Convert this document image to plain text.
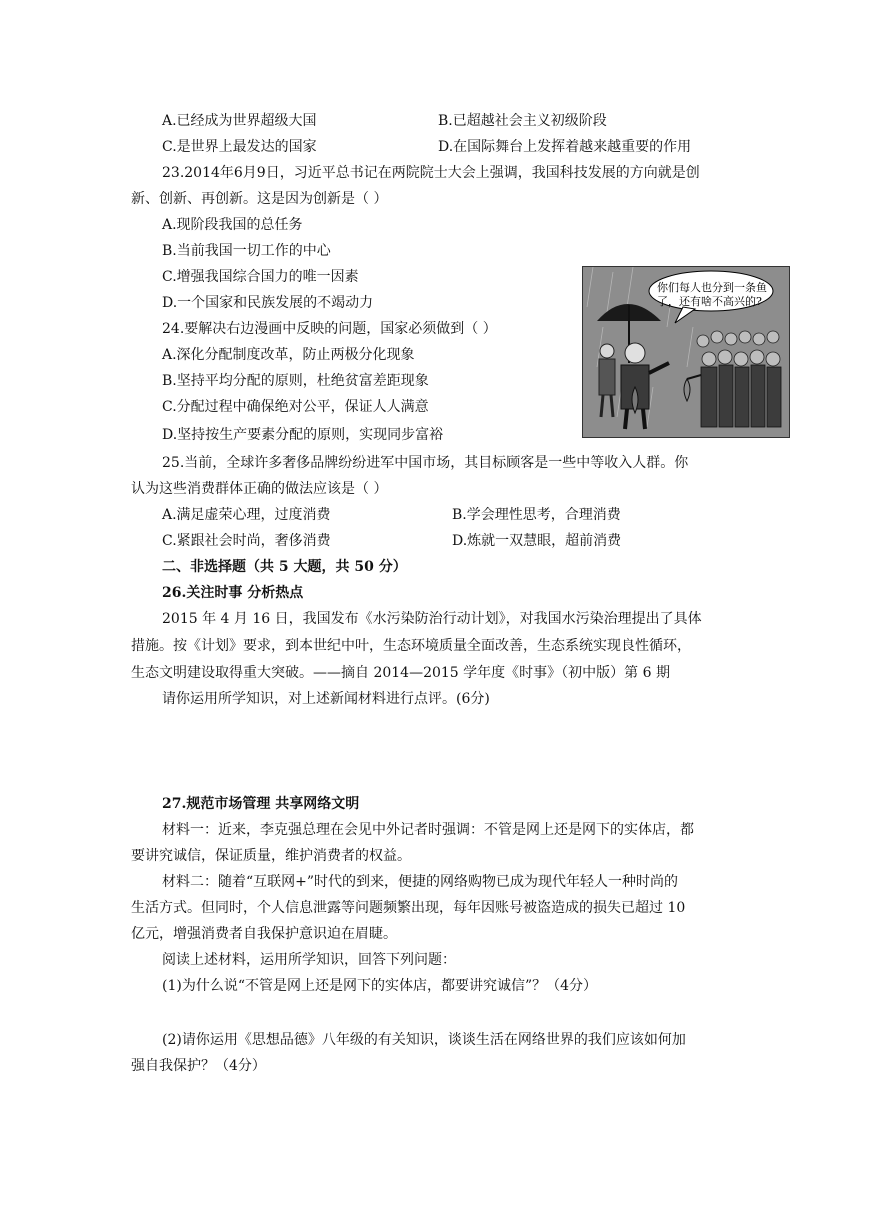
A.已经成为世界超级大国	B.已超越社会主义初级阶段
C.是世界上最发达的国家	D.在国际舞台上发挥着越来越重要的作用
23.2014年6月9日，习近平总书记在两院院士大会上强调，我国科技发展的方向就是创
新、创新、再创新。这是因为创新是（ ）
A.现阶段我国的总任务
B.当前我国一切工作的中心
C.增强我国综合国力的唯一因素
D.一个国家和民族发展的不竭动力
24.要解决右边漫画中反映的问题，国家必须做到（ ）
A.深化分配制度改革，防止两极分化现象
B.坚持平均分配的原则，杜绝贫富差距现象
C.分配过程中确保绝对公平，保证人人满意
D.坚持按生产要素分配的原则，实现同步富裕
你们每人也分到一条鱼了，还有啥不高兴的?
25.当前，全球许多奢侈品牌纷纷进军中国市场，其目标顾客是一些中等收入人群。你
认为这些消费群体正确的做法应该是（ ）
A.满足虚荣心理，过度消费	B.学会理性思考，合理消费
C.紧跟社会时尚，奢侈消费	D.炼就一双慧眼，超前消费
二、非选择题（共 5 大题，共 50 分）
26.关注时事 分析热点
2015 年 4 月 16 日，我国发布《水污染防治行动计划》，对我国水污染治理提出了具体
措施。按《计划》要求，到本世纪中叶，生态环境质量全面改善，生态系统实现良性循环，
生态文明建设取得重大突破。——摘自 2014—2015 学年度《时事》（初中版）第 6 期
请你运用所学知识，对上述新闻材料进行点评。(6分)
27.规范市场管理 共享网络文明
材料一：近来，李克强总理在会见中外记者时强调：不管是网上还是网下的实体店，都
要讲究诚信，保证质量，维护消费者的权益。
材料二：随着“互联网+”时代的到来，便捷的网络购物已成为现代年轻人一种时尚的
生活方式。但同时，个人信息泄露等问题频繁出现，每年因账号被盗造成的损失已超过 10
亿元，增强消费者自我保护意识迫在眉睫。
阅读上述材料，运用所学知识，回答下列问题：
(1)为什么说“不管是网上还是网下的实体店，都要讲究诚信”？（4分）
(2)请你运用《思想品德》八年级的有关知识，谈谈生活在网络世界的我们应该如何加
强自我保护？（4分）
